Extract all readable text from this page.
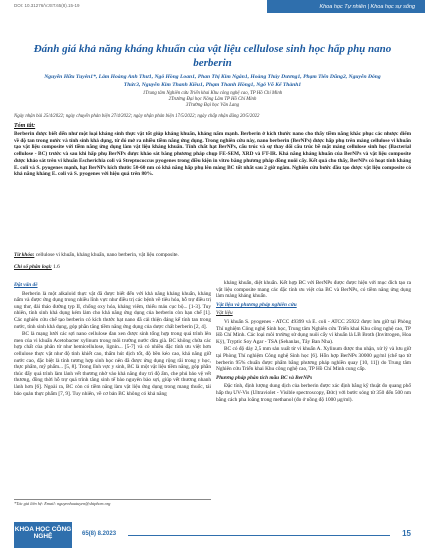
Khoa học Tự nhiên | Khoa học sự sống
DOI: 10.31276/VJST.65(8).15-19
Đánh giá khả năng kháng khuẩn của vật liệu cellulose sinh học hấp phụ nano berberin
Nguyễn Hữu Tuyên1*, Lâm Hoàng Anh Thư1, Ngô Hồng Loan1, Phan Thị Kim Ngân1, Hoàng Thúy Dương1, Phạm Tiến Dũng2, Nguyễn Đông Thức3, Nguyễn Kim Thanh Kiều1, Phạm Thanh Hồng1, Ngô Võ Kế Thành1
1Trung tâm Nghiên cứu Triển khai Khu công nghệ cao, TP Hồ Chí Minh
2Trường Đại học Nông Lâm TP Hồ Chí Minh
3Trường Đại học Văn Lang
Ngày nhận bài 25/4/2022; ngày chuyển phản biện 27/4/2022; ngày nhận phản biện 17/5/2022; ngày chấp nhận đăng 20/5/2022
Tóm tắt:
Berberin được biết đến như một loại kháng sinh thực vật tốt giúp kháng khuẩn, kháng nấm mạnh. Berberin ở kích thước nano cho thấy tiềm năng khắc phục các nhược điểm về độ tan trong nước và tính sinh khả dụng, từ đó mở ra nhiều tiềm năng ứng dụng. Trong nghiên cứu này, nano berberin (BerNPs) được hấp phụ trên màng cellulose vi khuẩn tạo vật liệu composite với tiềm năng ứng dụng làm vật liệu kháng khuẩn. Tính chất hạt BerNPs, cấu trúc và sự thay đổi cấu trúc bề mặt màng cellulose sinh học (Bacterial cellulose - BC) trước và sau khi hấp phụ BerNPs được khảo sát bằng phương pháp chụp FE-SEM, XRD và FT-IR. Khả năng kháng khuẩn của BerNPs và vật liệu composite được khảo sát trên vi khuẩn Escherichia coli và Streptococcus pyogenes trong điều kiện in vitro bằng phương pháp đồng nuôi cấy. Kết quả cho thấy, BerNPs có hoạt tính kháng E. coli và S. pyogenes mạnh, hạt BerNPs kích thước 50-60 nm có khả năng hấp phụ lên màng BC tốt nhất sau 2 giờ ngâm. Nghiên cứu bước đầu tạo được vật liệu composite có khả năng kháng E. coli và S. pyogenes với hiệu quả trên 80%.
Từ khóa: cellulose vi khuẩn, kháng khuẩn, nano berberin, vật liệu composite.
Chỉ số phân loại: 1.6

Đặt vấn đề

Berberin là một alkaloid thực vật đã được biết đến với khả năng kháng khuẩn, kháng nấm và được ứng dụng trong nhiều lĩnh vực như điều trị các bệnh về tiêu hóa, hỗ trợ điều trị ung thư, đái tháo đường typ II, chống oxy hóa, kháng viêm, thiếu máu cục bộ... [1-3]. Tuy nhiên, tính sinh khả dụng kém làm cho khả năng ứng dụng của berberin còn hạn chế [1]. Các nghiên cứu chế tạo berberin có kích thước hạt nano đã cải thiện đáng kể tính tan trong nước, tính sinh khả dụng, góp phần tăng tiềm năng ứng dụng của dược chất berberin [2, 4].

BC là mạng lưới các sợi nano cellulose đan xen được sinh tổng hợp trong quá trình lên men của vi khuẩn Acetobacter xylinum trong môi trường nước dừa già. BC không chứa các hợp chất của phân tử như hemicellulose, lignin... [5-7] và có nhiều đặc tính ưu việt hơn cellulose thực vật như độ tinh khiết cao, thấm hút dịch tốt, độ bền kéo cao, khả năng giữ nước cao, đặc biệt là tính tương hợp sinh học nên đã được ứng dụng rộng rãi trong y học, thực phẩm, mỹ phẩm... [5, 8]. Trong lĩnh vực y sinh, BC là một vật liệu tiềm năng, góp phần thúc đẩy quá trình làm lành vết thương nhờ vào khả năng duy trì độ ẩm, che phủ bảo vệ vết thương, đồng thời hỗ trợ quá trình tăng sinh tế bào nguyên bào sợi, giúp vết thương nhanh lành hơn [6]. Ngoài ra, BC còn có tiềm năng làm vật liệu ứng dụng trong mang thuốc, tái bảo quản thực phẩm [7, 9]. Tuy nhiên, về cơ bản BC không có khả năng

kháng khuẩn, diệt khuẩn. Kết hợp BC với BerNPs được được hiện với mục đích tạo ra vật liệu composite mang các đặc tính ưu việt của BC và BerNPs, có tiềm năng ứng dụng làm màng kháng khuẩn.

Vật liệu và phương pháp nghiên cứu

Vật liệu

Vi khuẩn S. pyogenes - ATCC 49399 và E. coli - ATCC 25922 được lưu giữ tại Phòng Thí nghiệm Công nghệ Sinh học, Trung tâm Nghiên cứu Triển khai Khu công nghệ cao, TP Hồ Chí Minh. Các loại môi trường sử dụng nuôi cấy vi khuẩn là LB Broth (Invitrogen, Hoa Kỳ), Tryptic Soy Agar - TSA (Sehanlas, Tây Ban Nha).

BC có độ dày 2,5 mm sản xuất từ vi khuẩn A. Xylinum được thu nhận, xử lý và lưu giữ tại Phòng Thí nghiệm Công nghệ Sinh học [6]. Hỗn hợp BerNPs 30000 μg/ml (chế tạo từ berberin 95% chuẩn được phẩm bằng phương pháp nghiền quay [10, 11]) do Trung tâm Nghiên cứu Triển khai Khu công nghệ cao, TP Hồ Chí Minh cung cấp.

Phương pháp phân tích mẫu BC và BerNPs

Đặc tính, định lượng dung dịch của berberin được xác định bằng kỹ thuật đo quang phổ hấp thụ UV-Vis (Ultraviolet - Visible spectroscopy, Đức) với bước sóng từ 350 đến 500 nm bằng cách pha loãng trong methanol (đo ở nồng độ 1000 μg/ml).

*Tác giả liên hệ: Email: nguyenhuutuyen@shtphcm.org
KHOA HỌC CÔNG NGHỆ	65(8) 8.2023	15
